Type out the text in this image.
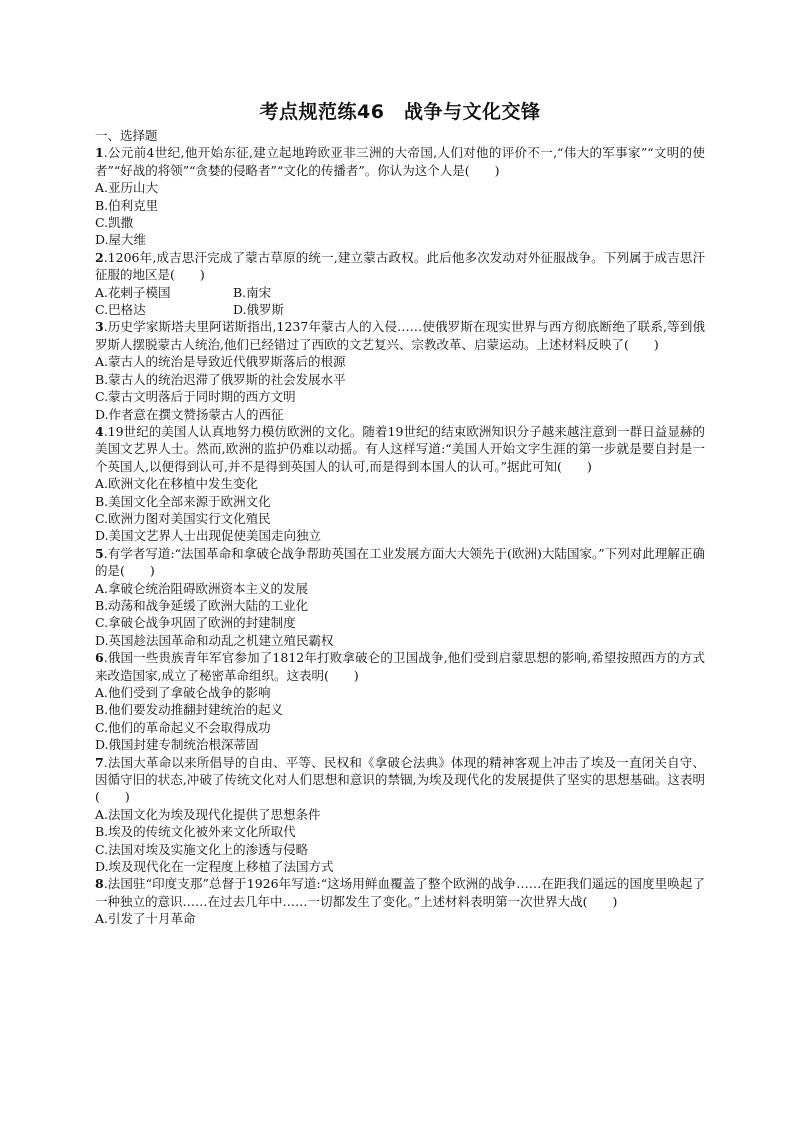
考点规范练46　战争与文化交锋
一、选择题
1.公元前4世纪,他开始东征,建立起地跨欧亚非三洲的大帝国,人们对他的评价不一,“伟大的军事家”“文明的使者”“好战的将领”“贪婪的侵略者”“文化的传播者”。你认为这个人是(　　)
A.亚历山大
B.伯利克里
C.凯撒
D.屋大维
2.1206年,成吉思汗完成了蒙古草原的统一,建立蒙古政权。此后他多次发动对外征服战争。下列属于成吉思汗征服的地区是(　　)
A.花剌子模国	B.南宋
C.巴格达	D.俄罗斯
3.历史学家斯塔夫里阿诺斯指出,1237年蒙古人的入侵……使俄罗斯在现实世界与西方彻底断绝了联系,等到俄罗斯人摆脱蒙古人统治,他们已经错过了西欧的文艺复兴、宗教改革、启蒙运动。上述材料反映了(　　)
A.蒙古人的统治是导致近代俄罗斯落后的根源
B.蒙古人的统治迟滞了俄罗斯的社会发展水平
C.蒙古文明落后于同时期的西方文明
D.作者意在撰文赞扬蒙古人的西征
4.19世纪的美国人认真地努力模仿欧洲的文化。随着19世纪的结束欧洲知识分子越来越注意到一群日益显赫的美国文艺界人士。然而,欧洲的监护仍难以动摇。有人这样写道:“美国人开始文字生涯的第一步就是要自封是一个英国人,以便得到认可,并不是得到英国人的认可,而是得到本国人的认可。”据此可知(　　)
A.欧洲文化在移植中发生变化
B.美国文化全部来源于欧洲文化
C.欧洲力图对美国实行文化殖民
D.美国文艺界人士出现促使美国走向独立
5.有学者写道:“法国革命和拿破仑战争帮助英国在工业发展方面大大领先于(欧洲)大陆国家。”下列对此理解正确的是(　　)
A.拿破仑统治阻碍欧洲资本主义的发展
B.动荡和战争延缓了欧洲大陆的工业化
C.拿破仑战争巩固了欧洲的封建制度
D.英国趁法国革命和动乱之机建立殖民霸权
6.俄国一些贵族青年军官参加了1812年打败拿破仑的卫国战争,他们受到启蒙思想的影响,希望按照西方的方式来改造国家,成立了秘密革命组织。这表明(　　)
A.他们受到了拿破仑战争的影响
B.他们要发动推翻封建统治的起义
C.他们的革命起义不会取得成功
D.俄国封建专制统治根深蒂固
7.法国大革命以来所倡导的自由、平等、民权和《拿破仑法典》体现的精神客观上冲击了埃及一直闭关自守、因循守旧的状态,冲破了传统文化对人们思想和意识的禁锢,为埃及现代化的发展提供了坚实的思想基础。这表明(　　)
A.法国文化为埃及现代化提供了思想条件
B.埃及的传统文化被外来文化所取代
C.法国对埃及实施文化上的渗透与侵略
D.埃及现代化在一定程度上移植了法国方式
8.法国驻“印度支那”总督于1926年写道:“这场用鲜血覆盖了整个欧洲的战争……在距我们遥远的国度里唤起了一种独立的意识……在过去几年中……一切都发生了变化。”上述材料表明第一次世界大战(　　)
A.引发了十月革命
